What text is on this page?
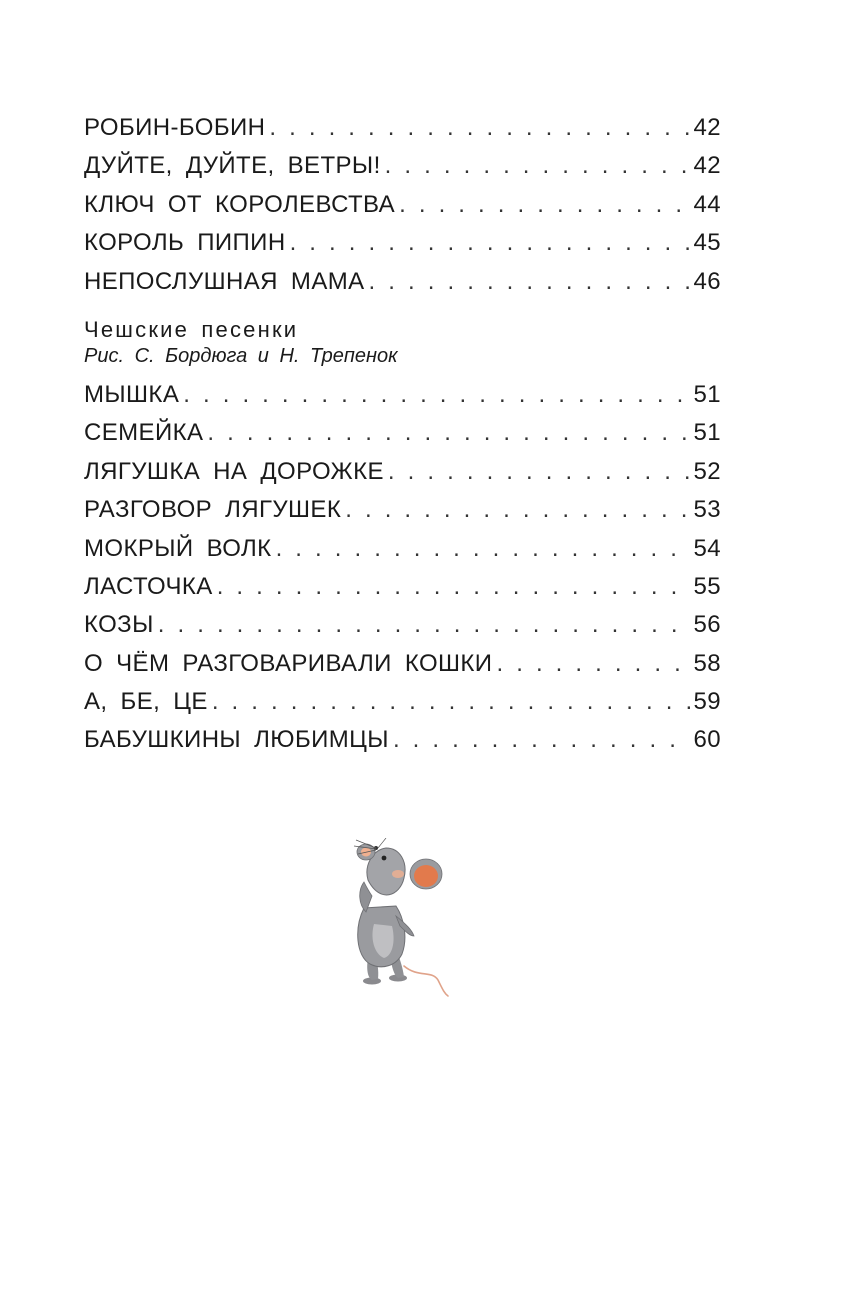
РОБИН-БОБИН . . .	42
ДУЙТЕ, ДУЙТЕ, ВЕТРЫ! . . .	42
КЛЮЧ ОТ КОРОЛЕВСТВА . . .	44
КОРОЛЬ ПИПИН . . .	45
НЕПОСЛУШНАЯ МАМА . . .	46
Чешские песенки
Рис. С. Бордюга и Н. Трепенок
МЫШКА . . .	51
СЕМЕЙКА . . .	51
ЛЯГУШКА НА ДОРОЖКЕ . . .	52
РАЗГОВОР ЛЯГУШЕК . . .	53
МОКРЫЙ ВОЛК . . .	54
ЛАСТОЧКА . . .	55
КОЗЫ . . .	56
О ЧЁМ РАЗГОВАРИВАЛИ КОШКИ . . .	58
А, БЕ, ЦЕ . . .	59
БАБУШКИНЫ ЛЮБИМЦЫ . . .	60
